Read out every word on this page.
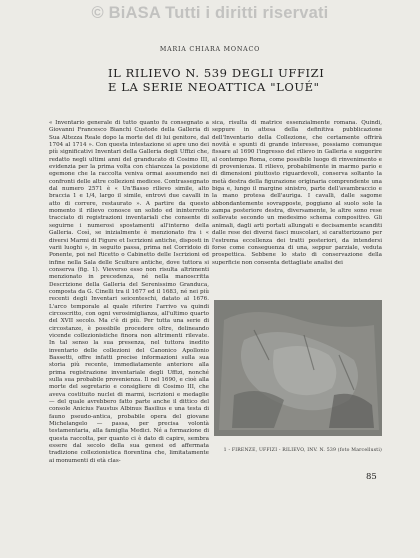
© BiASA Tutti i diritti riservati
MARIA CHIARA MONACO
IL RILIEVO N. 539 DEGLI UFFIZI
E LA SERIE NEOATTICA "LOUÉ"

« Inventario generale di tutto quanto fu consegnato a Giovanni Francesco Bianchi Custode della Galleria di Sua Altezza Reale dopo la morte del di lui genitore, dal 1704 al 1714 ». Con questa intestazione si apre uno dei più significativi Inventari della Galleria degli Uffizi che, redatto negli ultimi anni del granducato di Cosimo III, evidenzia per la prima volta con chiarezza la posizione egemone che la raccolta veniva ormai assumendo nei confronti delle altre collezioni medicee. Contrassegnato dal numero 2571 è « Un'Basso rilievo simile, alto braccia 1 e 1/4, largo il simile, entrovi due cavalli in atto di correre, restaurato ». A partire da questo momento il rilievo conosce un solido ed ininterrotto tracciato di registrazioni inventariali che consente di seguirne i numerosi spostamenti all'interno della Galleria. Così, se inizialmente è menzionato fra i « diversi Marmi di Figure et Iscrizioni antiche, disposti in varii luoghi », in seguito passa, prima nel Corridoio di Ponente, poi nel Ricetto o Cabinetto delle Iscrizioni ed infine nella Sala delle Sculture antiche, dove tuttora si conserva (fig. 1). Vieverso esso non risulta altrimenti menzionato in precedenza, né nella manoscritta Descrizione della Galleria del Serenissimo Granduca, composta da G. Cinelli tra il 1677 ed il 1683, né nei più recenti degli Inventari seicenteschi, datato al 1676. L'arco temporale al quale riferire l'arrivo va quindi circoscritto, con ogni verosimiglianza, all'ultimo quarto del XVII secolo. Ma c'è di più. Per tutta una serie di circostanze, è possibile procedere oltre, delineando vicende collezionistiche finora non altrimenti rilevate. In tal senso la sua presenza, nel tuttora inedito inventario delle collezioni del Canonico Apollonio Bassetti, offre infatti precise informazioni sulla sua storia più recente, immediatamente anteriore alla prima registrazione inventariale degli Uffizi, nonché sulla sua probabile provenienza. Il nel 1690, e cioè alla morte del segretario e consigliere di Cosimo III, che aveva costituito nuclei di marmi, iscrizioni e medaglie — del quale avrebbero fatto parte anche il dittico del console Anicius Faustus Albinus Basilius e una testa di fauno pseudo-antica, probabile opera del giovane Michelangelo — passa, per precisa volontà testamentaria, alla famiglia Medici. Né a formazione di questa raccolta, per quanto ci è dato di capire, sembra essere dal secolo della sua genesi ed affermata tradizione collezionistica fiorentina che, limitatamente ai monumenti di età clas-

sica, risulta di matrice essenzialmente romana. Quindi, seppure in attesa della definitiva pubblicazione dell'Inventario della Collezione, che certamente offrirà novità e spunti di grande interesse, possiamo comunque fissare al 1690 l'ingresso del rilievo in Galleria e suggerire al contempo Roma, come possibile luogo di rinvenimento e di provenienza. Il rilievo, probabilmente in marmo pario e di dimensioni piuttosto riguardevoli, conserva soltanto la metà destra della figurazione originaria comprendente una biga e, lungo il margine sinistro, parte dell'avambraccio e la mano protesa dell'auriga. I cavalli, dalle sagome abbondantemente sovrapposte, poggiano al suolo sole la zampa posteriore destra, diversamente, le altre sono rese sollevate secondo un medesimo schema compositivo. Gli animali, dagli arti portati allungati e decisamente scanditi dalle rese dei diversi fasci muscolari, si caratterizzano per l'estrema eccellenza dei tratti posteriori, da intendersi forse come conseguenza di una, seppur parziale, veduta prospettica. Sebbene lo stato di conservazione della superficie non consenta dettagliate analisi dei

1 - FIRENZE, UFFIZI - RILIEVO, INV. N. 539 (foto Marcellusti)
85
